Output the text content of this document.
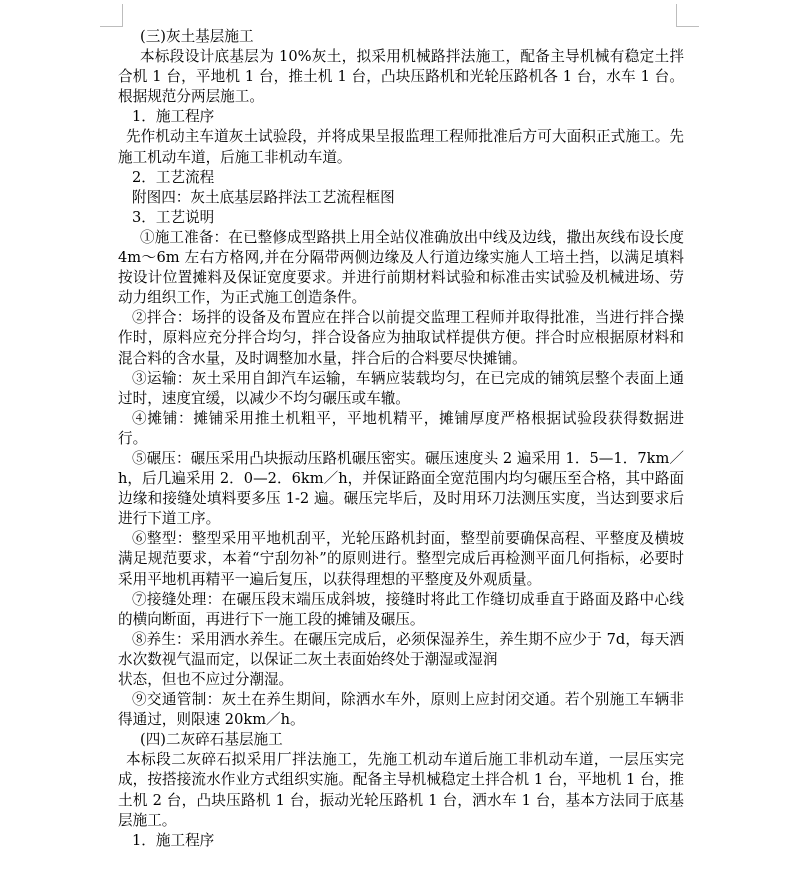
(三)灰土基层施工

本标段设计底基层为 10%灰土，拟采用机械路拌法施工，配备主导机械有稳定土拌合机 1 台，平地机 1 台，推土机 1 台，凸块压路机和光轮压路机各 1 台，水车 1 台。根据规范分两层施工。

1．施工程序

先作机动主车道灰土试验段，并将成果呈报监理工程师批准后方可大面积正式施工。先施工机动车道，后施工非机动车道。

2．工艺流程

附图四：灰土底基层路拌法工艺流程框图

3．工艺说明

①施工准备：在已整修成型路拱上用全站仪准确放出中线及边线，撒出灰线布设长度 4m～6m 左右方格网,并在分隔带两侧边缘及人行道边缘实施人工培土挡，以满足填料按设计位置摊料及保证宽度要求。并进行前期材料试验和标准击实试验及机械进场、劳动力组织工作，为正式施工创造条件。

②拌合：场拌的设备及布置应在拌合以前提交监理工程师并取得批准，当进行拌合操作时，原料应充分拌合均匀，拌合设备应为抽取试样提供方便。拌合时应根据原材料和混合料的含水量，及时调整加水量，拌合后的合料要尽快摊铺。

③运输：灰土采用自卸汽车运输，车辆应装载均匀，在已完成的铺筑层整个表面上通过时，速度宜缓，以减少不均匀碾压或车辙。

④摊铺：摊铺采用推土机粗平，平地机精平，摊铺厚度严格根据试验段获得数据进行。

⑤碾压：碾压采用凸块振动压路机碾压密实。碾压速度头 2 遍采用 1．5—1．7km／h，后几遍采用 2．0—2．6km／h，并保证路面全宽范围内均匀碾压至合格，其中路面边缘和接缝处填料要多压 1-2 遍。碾压完毕后，及时用环刀法测压实度，当达到要求后进行下道工序。

⑥整型：整型采用平地机刮平，光轮压路机封面，整型前要确保高程、平整度及横坡满足规范要求，本着“宁刮勿补”的原则进行。整型完成后再检测平面几何指标，必要时采用平地机再精平一遍后复压，以获得理想的平整度及外观质量。

⑦接缝处理：在碾压段末端压成斜坡，接缝时将此工作缝切成垂直于路面及路中心线的横向断面，再进行下一施工段的摊铺及碾压。

⑧养生：采用洒水养生。在碾压完成后，必须保湿养生，养生期不应少于 7d，每天洒水次数视气温而定，以保证二灰土表面始终处于潮湿或湿润

状态，但也不应过分潮湿。

⑨交通管制：灰土在养生期间，除洒水车外，原则上应封闭交通。若个别施工车辆非得通过，则限速 20km／h。

(四)二灰碎石基层施工

本标段二灰碎石拟采用厂拌法施工，先施工机动车道后施工非机动车道，一层压实完成，按搭接流水作业方式组织实施。配备主导机械稳定土拌合机 1 台，平地机 1 台，推土机 2 台，凸块压路机 1 台，振动光轮压路机 1 台，洒水车 1 台，基本方法同于底基层施工。

1．施工程序
